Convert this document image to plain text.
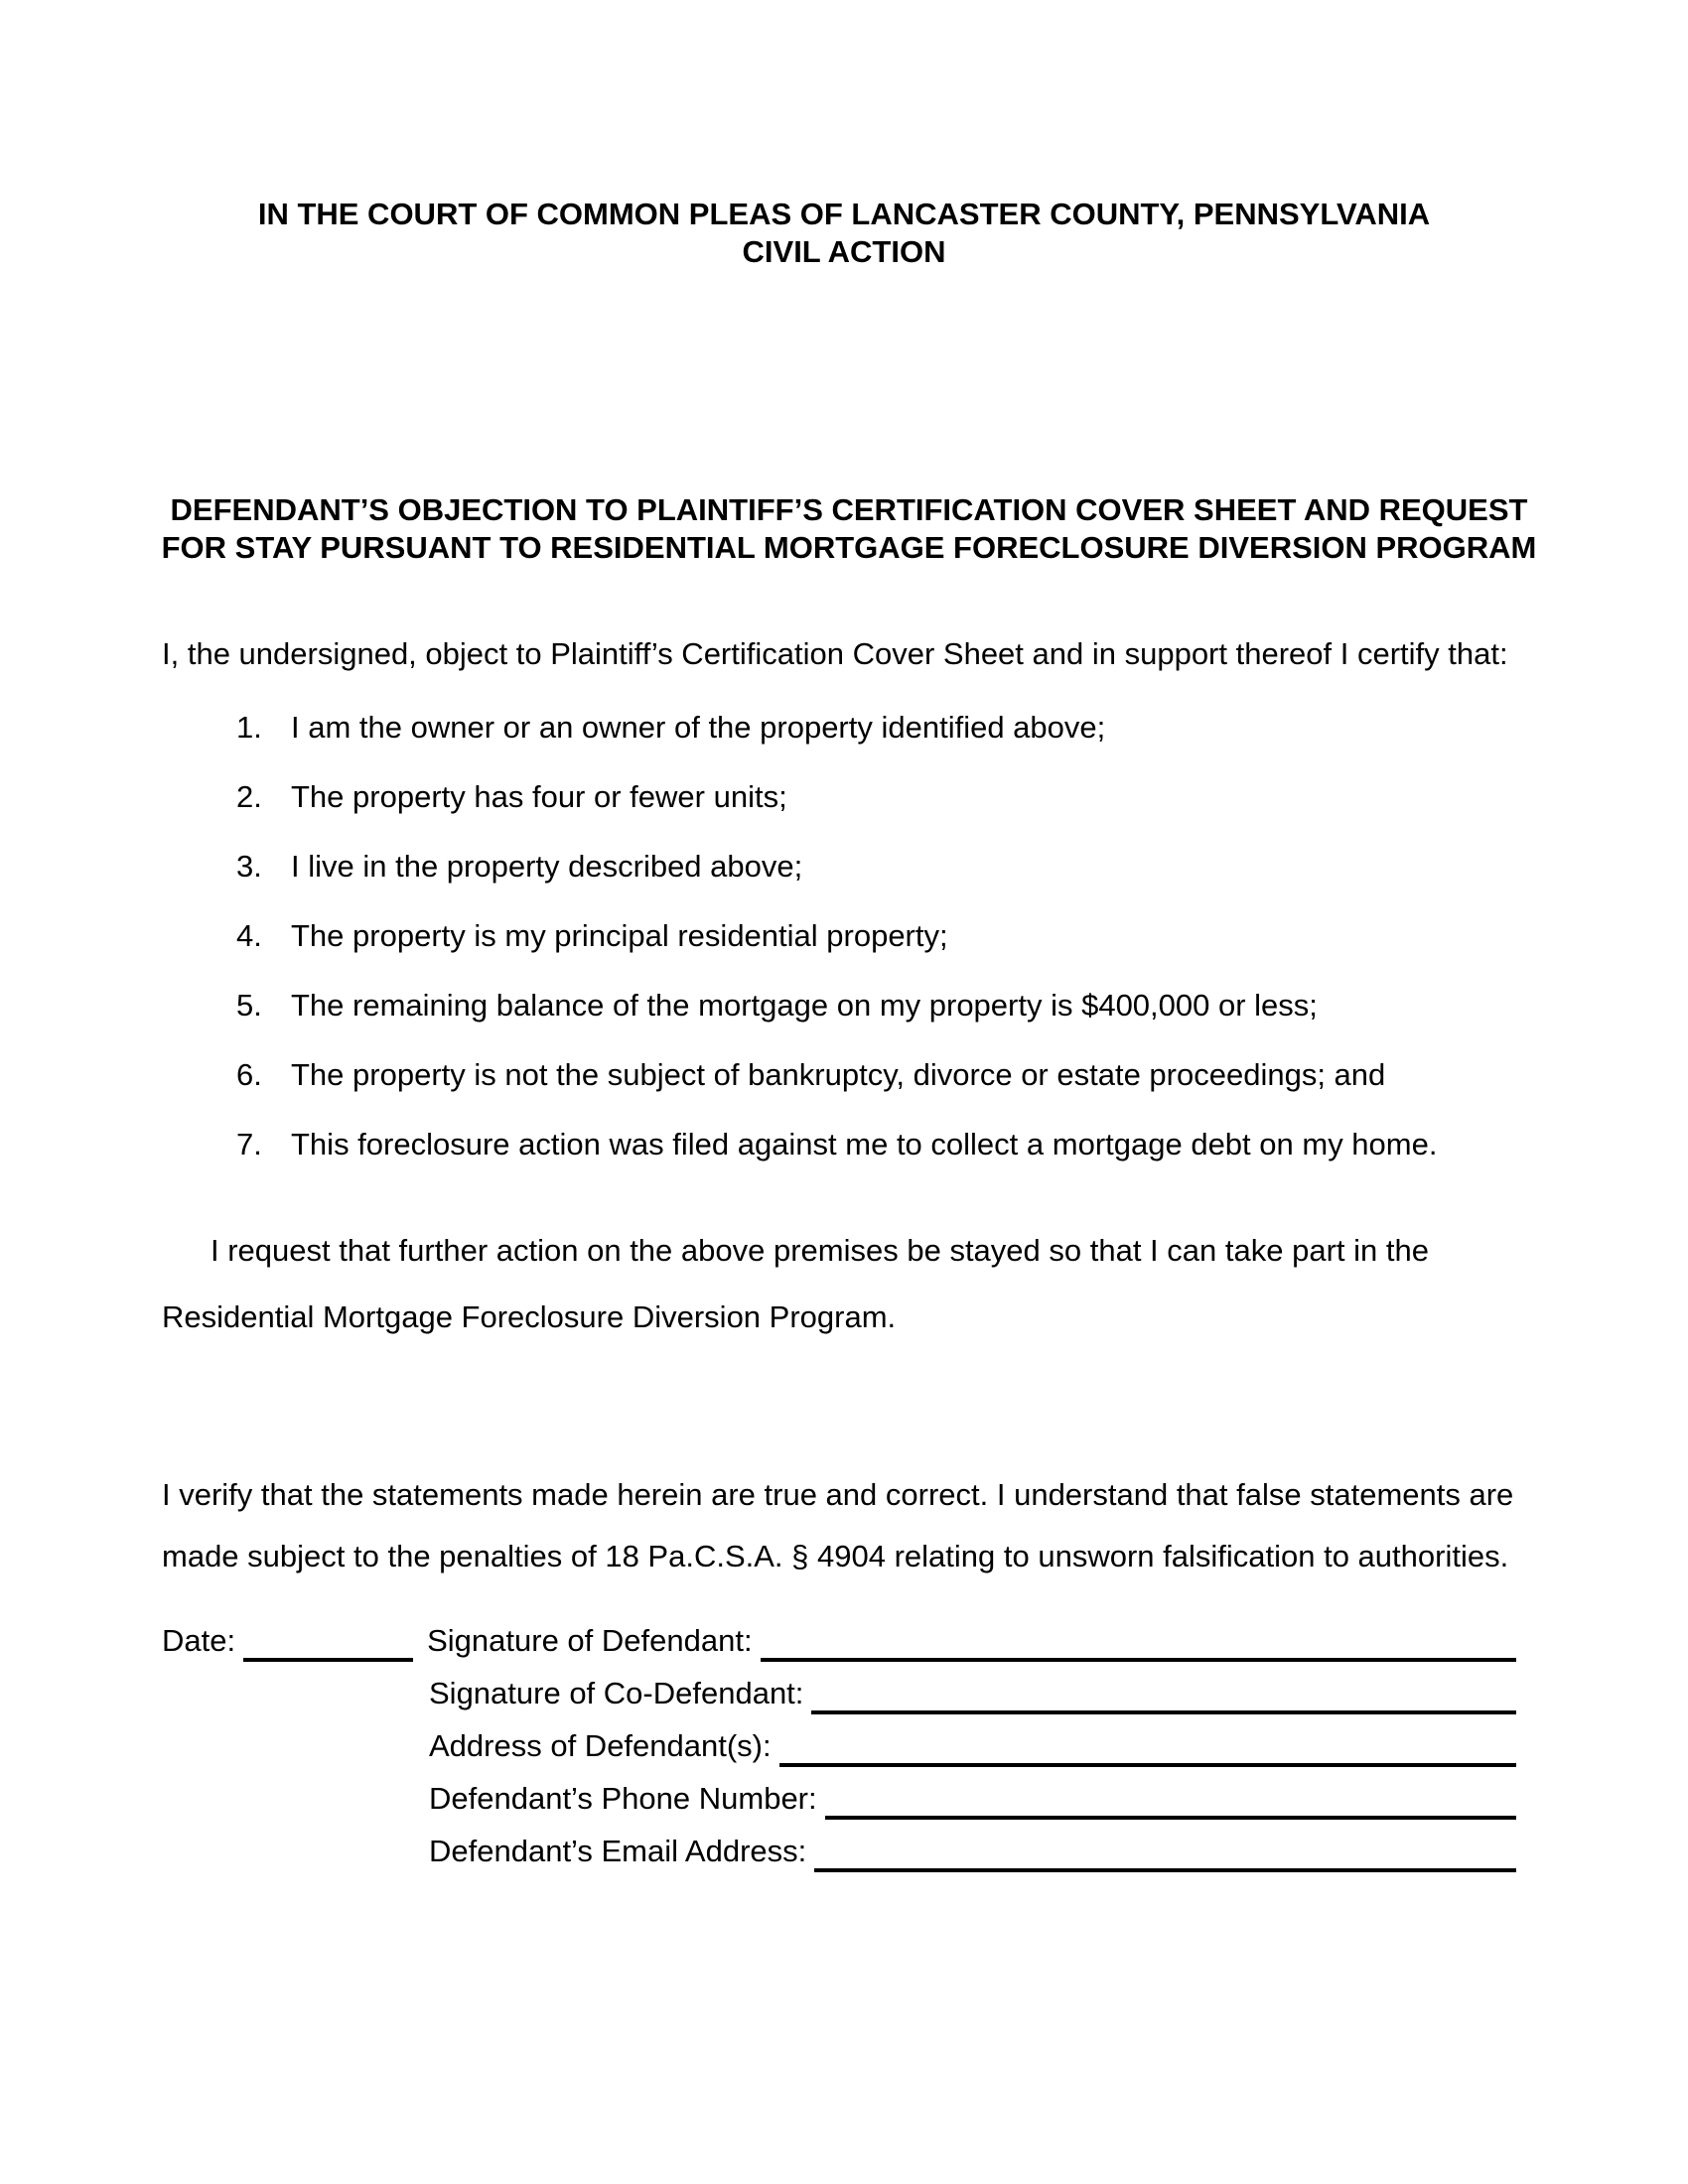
IN THE COURT OF COMMON PLEAS OF LANCASTER COUNTY, PENNSYLVANIA
CIVIL ACTION
DEFENDANT’S OBJECTION TO PLAINTIFF’S CERTIFICATION COVER SHEET AND REQUEST
FOR STAY PURSUANT TO RESIDENTIAL MORTGAGE FORECLOSURE DIVERSION PROGRAM
I, the undersigned, object to Plaintiff’s Certification Cover Sheet and in support thereof I certify that:
1. I am the owner or an owner of the property identified above;
2. The property has four or fewer units;
3. I live in the property described above;
4. The property is my principal residential property;
5. The remaining balance of the mortgage on my property is $400,000 or less;
6. The property is not the subject of bankruptcy, divorce or estate proceedings; and
7. This foreclosure action was filed against me to collect a mortgage debt on my home.
I request that further action on the above premises be stayed so that I can take part in the
Residential Mortgage Foreclosure Diversion Program.
I verify that the statements made herein are true and correct. I understand that false statements are
made subject to the penalties of 18 Pa.C.S.A. § 4904 relating to unsworn falsification to authorities.
Date:	Signature of Defendant:
Signature of Co-Defendant:
Address of Defendant(s):
Defendant’s Phone Number:
Defendant’s Email Address:
